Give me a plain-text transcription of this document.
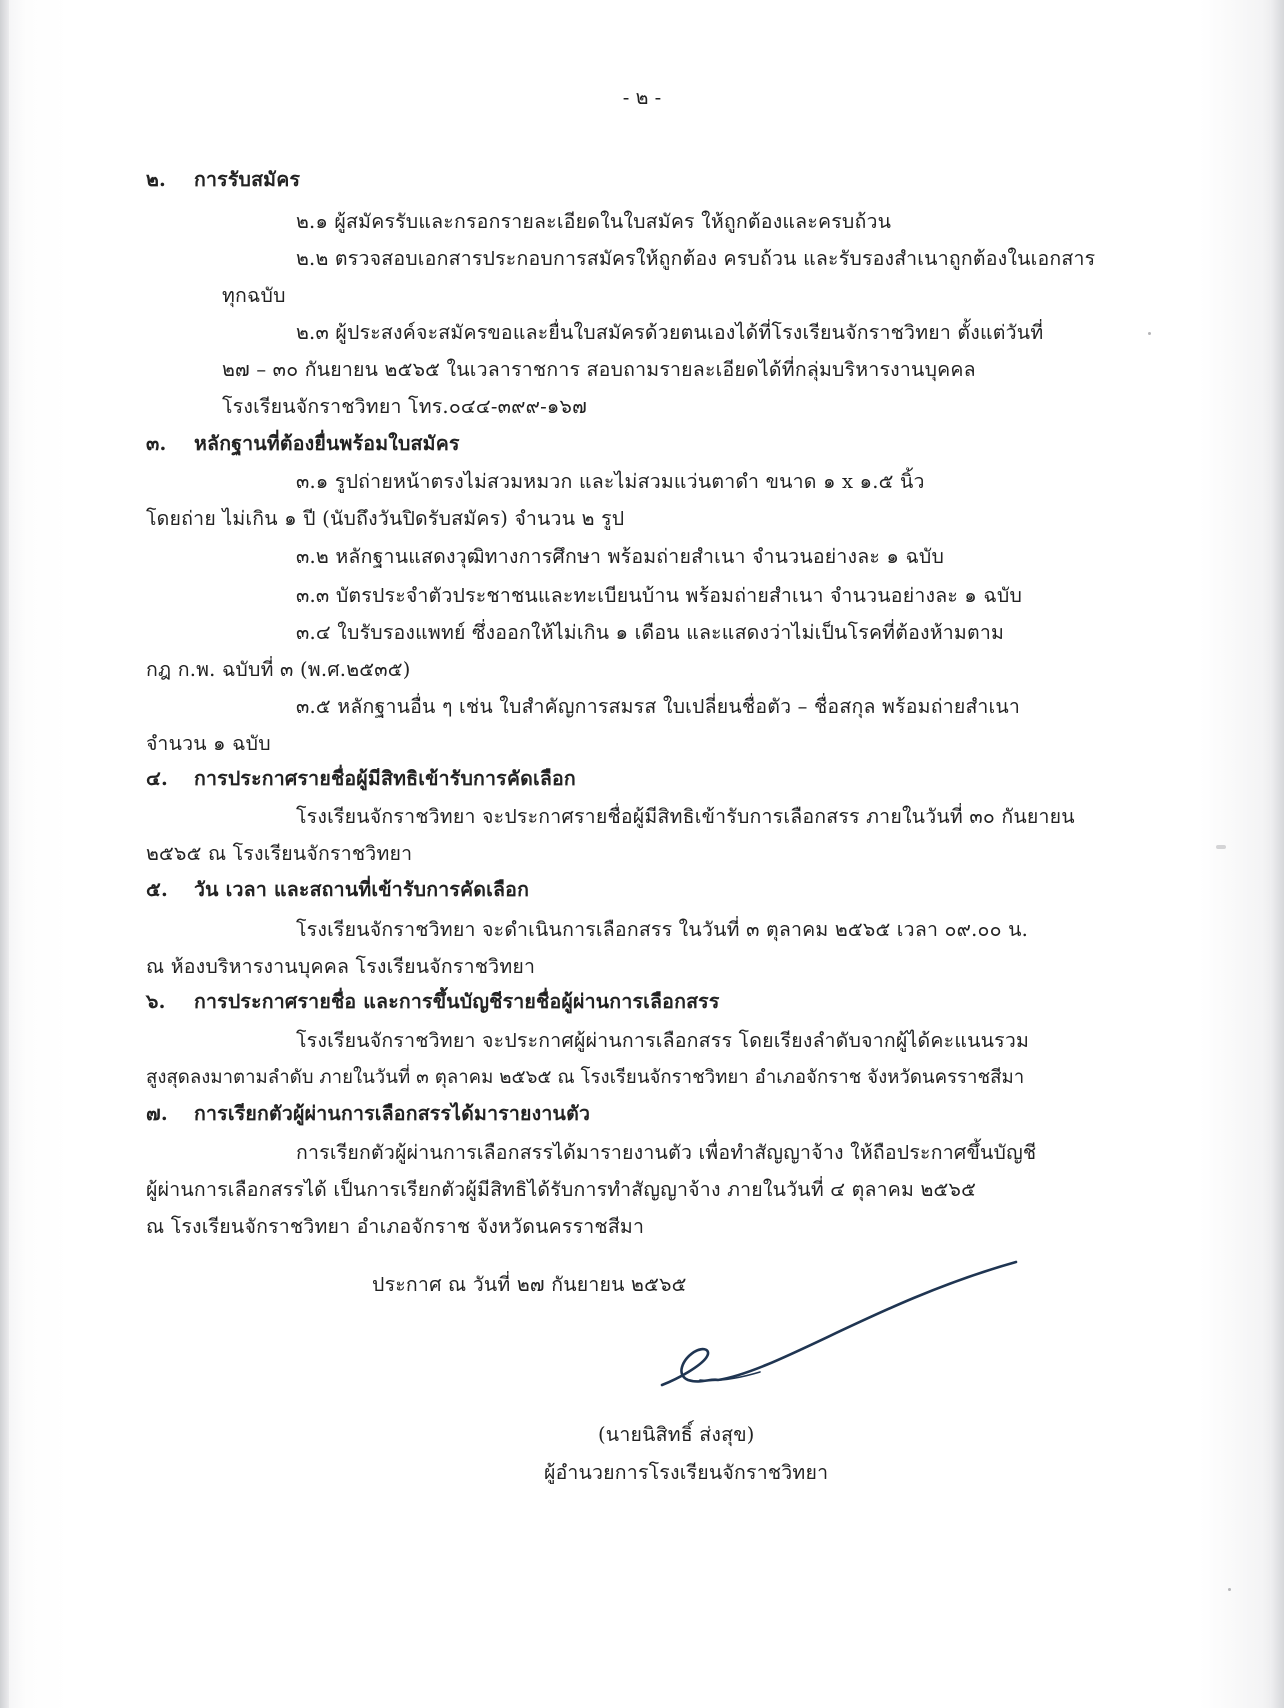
- ๒ -
๒. การรับสมัคร
๒.๑ ผู้สมัครรับและกรอกรายละเอียดในใบสมัคร ให้ถูกต้องและครบถ้วน
๒.๒ ตรวจสอบเอกสารประกอบการสมัครให้ถูกต้อง ครบถ้วน และรับรองสำเนาถูกต้องในเอกสาร
ทุกฉบับ
๒.๓ ผู้ประสงค์จะสมัครขอและยื่นใบสมัครด้วยตนเองได้ที่โรงเรียนจักราชวิทยา ตั้งแต่วันที่
๒๗ – ๓๐ กันยายน ๒๕๖๕ ในเวลาราชการ สอบถามรายละเอียดได้ที่กลุ่มบริหารงานบุคคล
โรงเรียนจักราชวิทยา โทร.๐๔๔-๓๙๙-๑๖๗
๓. หลักฐานที่ต้องยื่นพร้อมใบสมัคร
๓.๑ รูปถ่ายหน้าตรงไม่สวมหมวก และไม่สวมแว่นตาดำ ขนาด ๑ x ๑.๕ นิ้ว
โดยถ่าย ไม่เกิน ๑ ปี (นับถึงวันปิดรับสมัคร) จำนวน ๒ รูป
๓.๒ หลักฐานแสดงวุฒิทางการศึกษา พร้อมถ่ายสำเนา จำนวนอย่างละ ๑ ฉบับ
๓.๓ บัตรประจำตัวประชาชนและทะเบียนบ้าน พร้อมถ่ายสำเนา จำนวนอย่างละ ๑ ฉบับ
๓.๔ ใบรับรองแพทย์ ซึ่งออกให้ไม่เกิน ๑ เดือน และแสดงว่าไม่เป็นโรคที่ต้องห้ามตาม
กฎ ก.พ. ฉบับที่ ๓ (พ.ศ.๒๕๓๕)
๓.๕ หลักฐานอื่น ๆ เช่น ใบสำคัญการสมรส ใบเปลี่ยนชื่อตัว – ชื่อสกุล พร้อมถ่ายสำเนา
จำนวน ๑ ฉบับ
๔. การประกาศรายชื่อผู้มีสิทธิเข้ารับการคัดเลือก
โรงเรียนจักราชวิทยา จะประกาศรายชื่อผู้มีสิทธิเข้ารับการเลือกสรร ภายในวันที่ ๓๐ กันยายน
๒๕๖๕ ณ โรงเรียนจักราชวิทยา
๕. วัน เวลา และสถานที่เข้ารับการคัดเลือก
โรงเรียนจักราชวิทยา จะดำเนินการเลือกสรร ในวันที่ ๓ ตุลาคม ๒๕๖๕ เวลา ๐๙.๐๐ น.
ณ ห้องบริหารงานบุคคล โรงเรียนจักราชวิทยา
๖. การประกาศรายชื่อ และการขึ้นบัญชีรายชื่อผู้ผ่านการเลือกสรร
โรงเรียนจักราชวิทยา จะประกาศผู้ผ่านการเลือกสรร โดยเรียงลำดับจากผู้ได้คะแนนรวม
สูงสุดลงมาตามลำดับ ภายในวันที่ ๓ ตุลาคม ๒๕๖๕ ณ โรงเรียนจักราชวิทยา อำเภอจักราช จังหวัดนครราชสีมา
๗. การเรียกตัวผู้ผ่านการเลือกสรรได้มารายงานตัว
การเรียกตัวผู้ผ่านการเลือกสรรได้มารายงานตัว เพื่อทำสัญญาจ้าง ให้ถือประกาศขึ้นบัญชี
ผู้ผ่านการเลือกสรรได้ เป็นการเรียกตัวผู้มีสิทธิได้รับการทำสัญญาจ้าง ภายในวันที่ ๔ ตุลาคม ๒๕๖๕
ณ โรงเรียนจักราชวิทยา อำเภอจักราช จังหวัดนครราชสีมา
ประกาศ ณ วันที่ ๒๗ กันยายน ๒๕๖๕
(นายนิสิทธิ์ ส่งสุข)
ผู้อำนวยการโรงเรียนจักราชวิทยา
